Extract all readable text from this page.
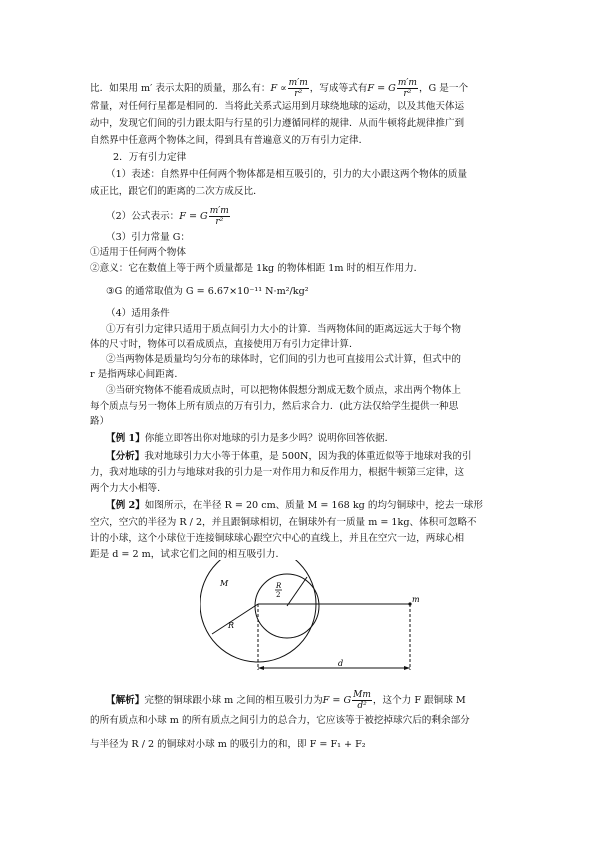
比．如果用 m′ 表示太阳的质量，那么有：$F \propto \frac{m'm}{\text{r²}}$ ，写成等式有F = G $\frac{m'm}{\text{r²}}$ ，G 是一个
常量，对任何行星都是相同的．当将此关系式运用到月球绕地球的运动，以及其他天体运
动中，发现它们间的引力跟太阳与行星的引力遵循同样的规律．从而牛顿将此规律推广到
自然界中任意两个物体之间，得到具有普遍意义的万有引力定律．
2．万有引力定律
（1）表述：自然界中任何两个物体都是相互吸引的，引力的大小跟这两个物体的质量
成正比，跟它们的距离的二次方成反比．
（2）公式表示：F = G $\frac{m'm}{\text{r²}}$
（3）引力常量 G：
①适用于任何两个物体
②意义：它在数值上等于两个质量都是 1kg 的物体相距 1m 时的相互作用力．
③G 的通常取值为 G = 6.67×10⁻¹¹ N·m²/kg²
（4）适用条件
①万有引力定律只适用于质点间引力大小的计算．当两物体间的距离远远大于每个物
体的尺寸时，物体可以看成质点，直接使用万有引力定律计算．
②当两物体是质量均匀分布的球体时，它们间的引力也可直接用公式计算，但式中的
r 是指两球心间距离．
③当研究物体不能看成质点时，可以把物体假想分割成无数个质点，求出两个物体上
每个质点与另一物体上所有质点的万有引力，然后求合力．(此方法仅给学生提供一种思
路）
【例 1】你能立即答出你对地球的引力是多少吗？说明你回答依据．
【分析】我对地球引力大小等于体重，是 500N，因为我的体重近似等于地球对我的引
力，我对地球的引力与地球对我的引力是一对作用力和反作用力，根据牛顿第三定律，这
两个力大小相等．
【例 2】如图所示，在半径 R = 20 cm、质量 M = 168 kg 的均匀铜球中，挖去一球形
空穴，空穴的半径为 R / 2，并且跟铜球相切，在铜球外有一质量 m = 1kg、体积可忽略不
计的小球，这个小球位于连接铜球球心跟空穴中心的直线上，并且在空穴一边，两球心相
距是 d = 2 m，试求它们之间的相互吸引力．
M
R
R
2	m
d
【解析】完整的铜球跟小球 m 之间的相互吸引力为F = G $\frac{Mm}{\text{d²}}$ ，这个力 F 跟铜球 M
的所有质点和小球 m 的所有质点之间引力的总合力，它应该等于被挖掉球穴后的剩余部分
与半径为 R / 2 的铜球对小球 m 的吸引力的和，即 F = F₁ + F₂
